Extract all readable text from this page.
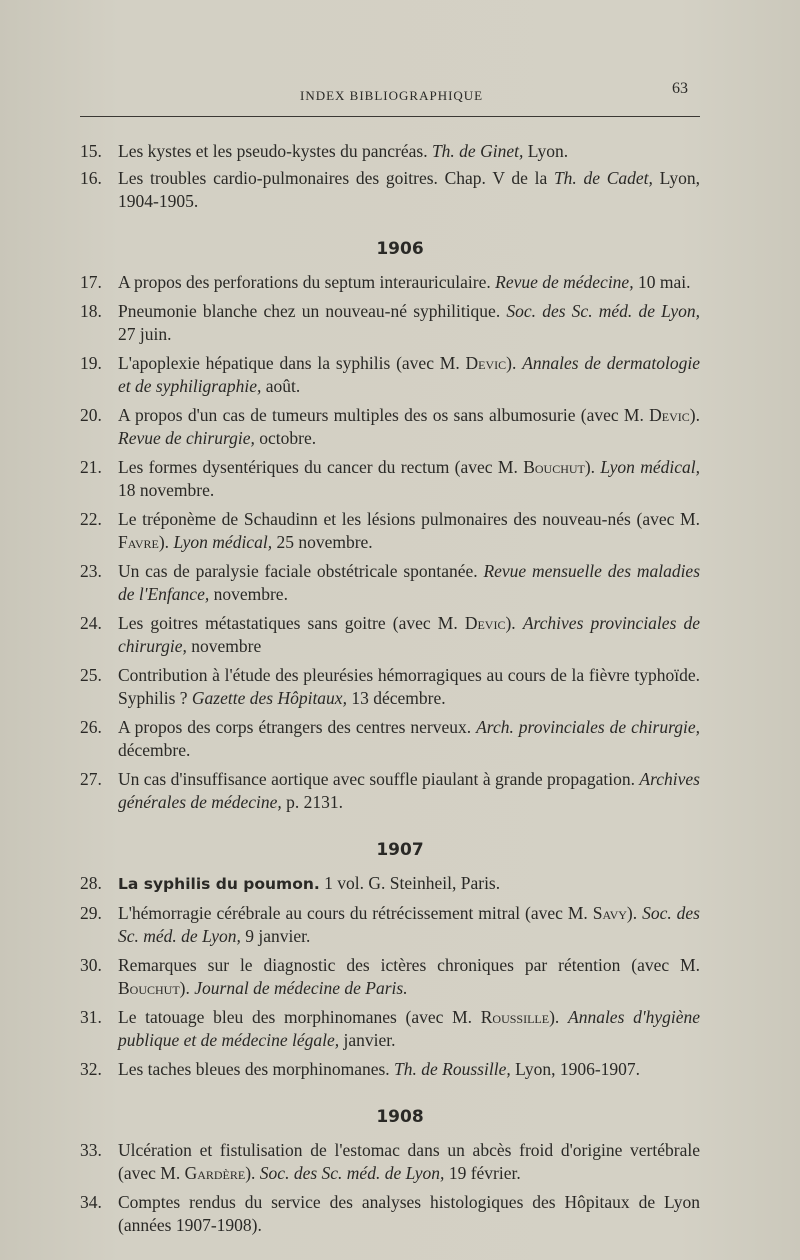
INDEX BIBLIOGRAPHIQUE	63
15. Les kystes et les pseudo-kystes du pancréas. Th. de Ginet, Lyon.
16. Les troubles cardio-pulmonaires des goitres. Chap. V de la Th. de Cadet, Lyon, 1904-1905.
1906
17. A propos des perforations du septum interauriculaire. Revue de médecine, 10 mai.
18. Pneumonie blanche chez un nouveau-né syphilitique. Soc. des Sc. méd. de Lyon, 27 juin.
19. L'apoplexie hépatique dans la syphilis (avec M. Devic). Annales de dermatologie et de syphiligraphie, août.
20. A propos d'un cas de tumeurs multiples des os sans albumosurie (avec M. Devic). Revue de chirurgie, octobre.
21. Les formes dysentériques du cancer du rectum (avec M. Bouchut). Lyon médical, 18 novembre.
22. Le tréponème de Schaudinn et les lésions pulmonaires des nouveau-nés (avec M. Favre). Lyon médical, 25 novembre.
23. Un cas de paralysie faciale obstétricale spontanée. Revue mensuelle des maladies de l'Enfance, novembre.
24. Les goitres métastatiques sans goitre (avec M. Devic). Archives provinciales de chirurgie, novembre
25. Contribution à l'étude des pleurésies hémorragiques au cours de la fièvre typhoïde. Syphilis ? Gazette des Hôpitaux, 13 décembre.
26. A propos des corps étrangers des centres nerveux. Arch. provinciales de chirurgie, décembre.
27. Un cas d'insuffisance aortique avec souffle piaulant à grande propagation. Archives générales de médecine, p. 2131.
1907
28.	La syphilis du poumon. 1 vol. G. Steinheil, Paris.
29. L'hémorragie cérébrale au cours du rétrécissement mitral (avec M. Savy). Soc. des Sc. méd. de Lyon, 9 janvier.
30. Remarques sur le diagnostic des ictères chroniques par rétention (avec M. Bouchut). Journal de médecine de Paris.
31. Le tatouage bleu des morphinomanes (avec M. Roussille). Annales d'hygiène publique et de médecine légale, janvier.
32. Les taches bleues des morphinomanes. Th. de Roussille, Lyon, 1906-1907.
1908
33. Ulcération et fistulisation de l'estomac dans un abcès froid d'origine vertébrale (avec M. Gardère). Soc. des Sc. méd. de Lyon, 19 février.
34. Comptes rendus du service des analyses histologiques des Hôpitaux de Lyon (années 1907-1908).
